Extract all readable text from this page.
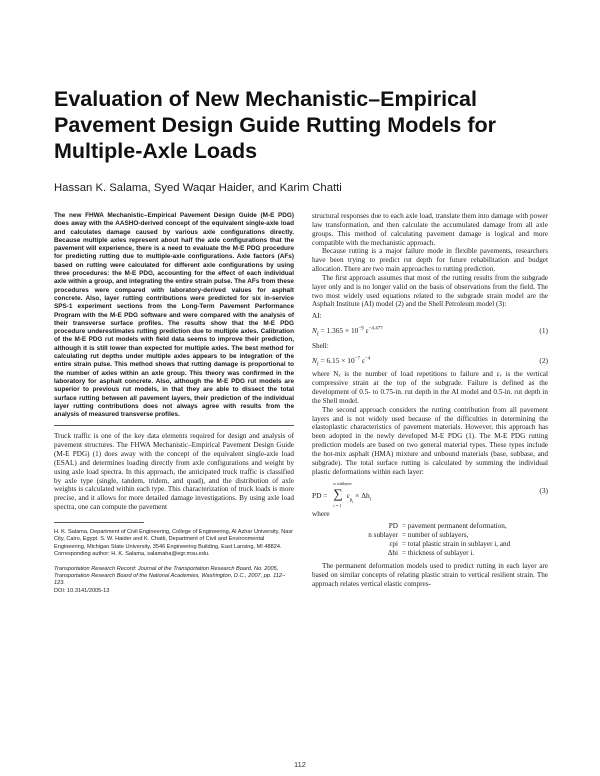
Evaluation of New Mechanistic–Empirical Pavement Design Guide Rutting Models for Multiple-Axle Loads
Hassan K. Salama, Syed Waqar Haider, and Karim Chatti

The new FHWA Mechanistic–Empirical Pavement Design Guide (M-E PDG) does away with the AASHO-derived concept of the equivalent single-axle load and calculates damage caused by various axle configurations directly. Because multiple axles represent about half the axle configurations that the pavement will experience, there is a need to evaluate the M-E PDG procedure for predicting rutting due to multiple-axle configurations. Axle factors (AFs) based on rutting were calculated for different axle configurations by using three procedures: the M-E PDG, accounting for the effect of each individual axle within a group, and integrating the entire strain pulse. The AFs from these procedures were compared with laboratory-derived values for asphalt concrete. Also, layer rutting contributions were predicted for six in-service SPS-1 experiment sections from the Long-Term Pavement Performance Program with the M-E PDG software and were compared with the analysis of their transverse surface profiles. The results show that the M-E PDG procedure underestimates rutting prediction due to multiple axles. Calibration of the M-E PDG rut models with field data seems to improve their prediction, although it is still lower than expected for multiple axles. The best method for calculating rut depths under multiple axles appears to be integration of the entire strain pulse. This method shows that rutting damage is proportional to the number of axles within an axle group. This theory was confirmed in the laboratory for asphalt concrete. Also, although the M-E PDG rut models are superior to previous rut models, in that they are able to dissect the total surface rutting between all pavement layers, their prediction of the individual layer rutting contributions does not always agree with results from the analysis of measured transverse profiles.

Truck traffic is one of the key data elements required for design and analysis of pavement structures. The FHWA Mechanistic–Empirical Pavement Design Guide (M-E PDG) (1) does away with the concept of the equivalent single-axle load (ESAL) and determines loading directly from axle configurations and weight by using axle load spectra. In this approach, the anticipated truck traffic is classified by axle type (single, tandem, tridem, and quad), and the distribution of axle weights is calculated within each type. This characterization of truck loads is more precise, and it allows for more detailed damage investigations. By using axle load spectra, one can compute the pavement

H. K. Salama, Department of Civil Engineering, College of Engineering, Al Azhar University, Nasr City, Cairo, Egypt. S. W. Haider and K. Chatti, Department of Civil and Environmental Engineering, Michigan State University, 3546 Engineering Building, East Lansing, MI 48824. Corresponding author: H. K. Salama, salamaha@egr.msu.edu.

Transportation Research Record: Journal of the Transportation Research Board, No. 2005, Transportation Research Board of the National Academies, Washington, D.C., 2007, pp. 112–123.

DOI: 10.3141/2005-13

structural responses due to each axle load, translate them into damage with power law transformation, and then calculate the accumulated damage from all axle groups. This method of calculating pavement damage is logical and more compatible with the mechanistic approach.

Because rutting is a major failure mode in flexible pavements, researchers have been trying to predict rut depth for future rehabilitation and budget allocation. There are two main approaches to rutting prediction.

The first approach assumes that most of the rutting results from the subgrade layer only and is no longer valid on the basis of observations from the field. The two most widely used equations related to the subgrade strain model are the Asphalt Institute (AI) model (2) and the Shell Petroleum model (3):

AI:
$N_f = 1.365 \times 10^{-9}$ $\varepsilon^{-4.477}$	(1)
Shell:
$N_f = 6.15 \times 10^{-7}$ $\varepsilon^{-4}$	(2)

where Nₓ is the number of load repetitions to failure and εᵥ is the vertical compressive strain at the top of the subgrade. Failure is defined as the development of 0.5- to 0.75-in. rut depth in the AI model and 0.5-in. rut depth in the Shell model.

The second approach considers the rutting contribution from all pavement layers and is not widely used because of the difficulties in determining the elastoplastic characteristics of pavement materials. However, this approach has been adopted in the newly developed M-E PDG (1). The M-E PDG rutting prediction models are based on two general material types. These types include the hot-mix asphalt (HMA) mixture and unbound materials (base, subbase, and subgrade). The total surface rutting is calculated by summing the individual plastic deformations within each layer:

PD = ∑
n sublayer
i = 1
$\varepsilon_{p_i} \times \Delta h_i$
(3)
where
PD = pavement permanent deformation,
n sublayer = number of sublayers,
εpi = total plastic strain in sublayer i, and
Δhi = thickness of sublayer i.

The permanent deformation models used to predict rutting in each layer are based on similar concepts of relating plastic strain to vertical resilient strain. The approach relates vertical elastic compres-

112
